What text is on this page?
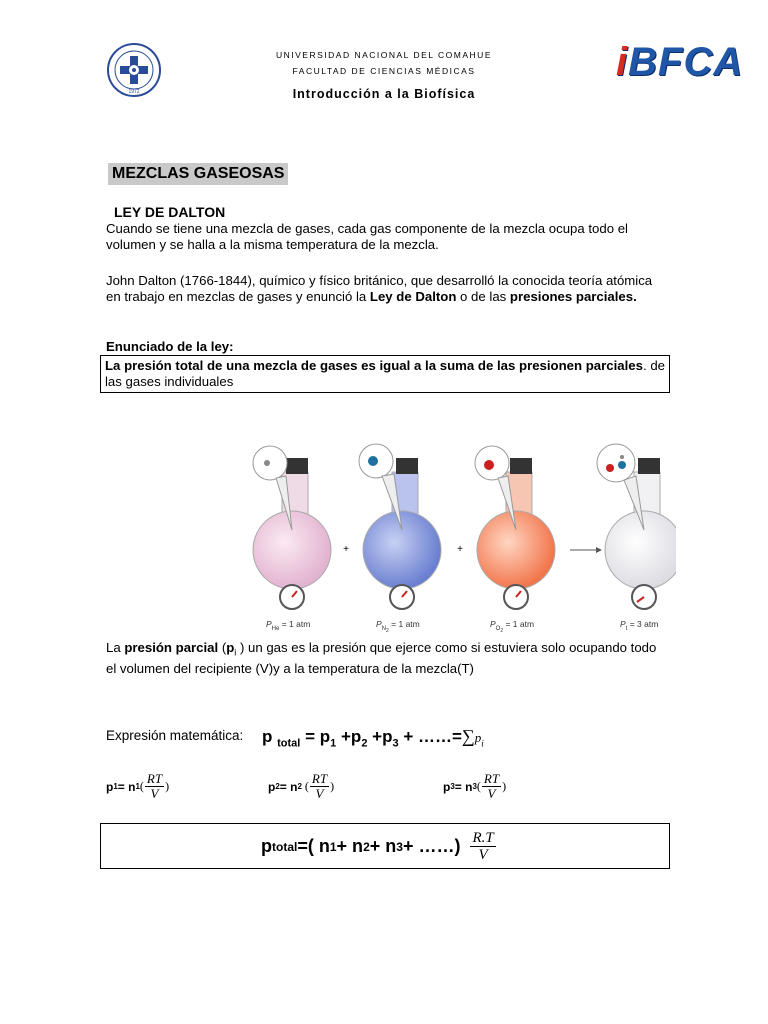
1972
UNIVERSIDAD NACIONAL DEL COMAHUE
FACULTAD DE CIENCIAS MÉDICAS
Introducción a la Biofísica
iBFCA
MEZCLAS GASEOSAS
LEY DE DALTON
Cuando se tiene una mezcla de gases, cada gas componente de la mezcla ocupa todo el volumen y se halla a la misma temperatura de la mezcla.
John Dalton (1766-1844), químico y físico británico, que desarrolló la conocida teoría atómica en trabajo en mezclas de gases y enunció la Ley de Dalton o de las presiones parciales.
Enunciado de la ley:
La presión total de una mezcla de gases es igual a la suma de las presionen parciales. de las gases individuales
+	+
$P_{He} = 1$ atm	$P_{N2} = 1$ atm	$P_{O2} = 1$ atm	$P_t = 3$ atm
La presión parcial ($p_i$ ) un gas es la presión que ejerce como si estuviera solo ocupando todo el volumen del recipiente (V)y a la temperatura de la mezcla(T)
Expresión matemática: p $_{total} = p_1 +p_2 +p_3$ + $\dots\dots=\sum p_i$
p 1 = n 1 ( $\frac{RT}{V}$ )	p 2 = n 2 ( $\frac{RT}{V}$ )	p 3 = n 3 ( $\frac{RT}{V}$ )
p total =( n 1 + n 2 + n 3 + ……) $\frac{R.T}{V}$
